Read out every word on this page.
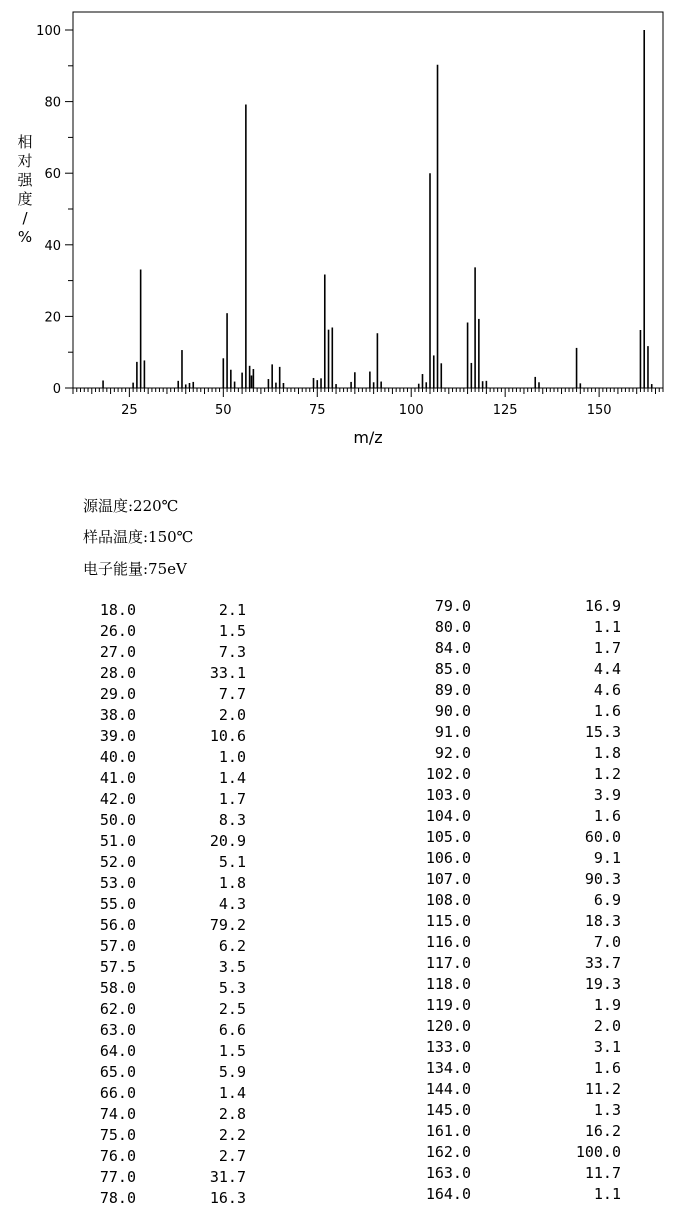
25	50	75	100	125	150
0
20
40
60
80
100
m/z
相
对
强
度
/
%
源温度:220℃
样品温度:150℃
电子能量:75eV
18.0	2.1
26.0	1.5
27.0	7.3
28.0	33.1
29.0	7.7
38.0	2.0
39.0	10.6
40.0	1.0
41.0	1.4
42.0	1.7
50.0	8.3
51.0	20.9
52.0	5.1
53.0	1.8
55.0	4.3
56.0	79.2
57.0	6.2
57.5	3.5
58.0	5.3
62.0	2.5
63.0	6.6
64.0	1.5
65.0	5.9
66.0	1.4
74.0	2.8
75.0	2.2
76.0	2.7
77.0	31.7
78.0	16.3
79.0	16.9
80.0	1.1
84.0	1.7
85.0	4.4
89.0	4.6
90.0	1.6
91.0	15.3
92.0	1.8
102.0	1.2
103.0	3.9
104.0	1.6
105.0	60.0
106.0	9.1
107.0	90.3
108.0	6.9
115.0	18.3
116.0	7.0
117.0	33.7
118.0	19.3
119.0	1.9
120.0	2.0
133.0	3.1
134.0	1.6
144.0	11.2
145.0	1.3
161.0	16.2
162.0	100.0
163.0	11.7
164.0	1.1
